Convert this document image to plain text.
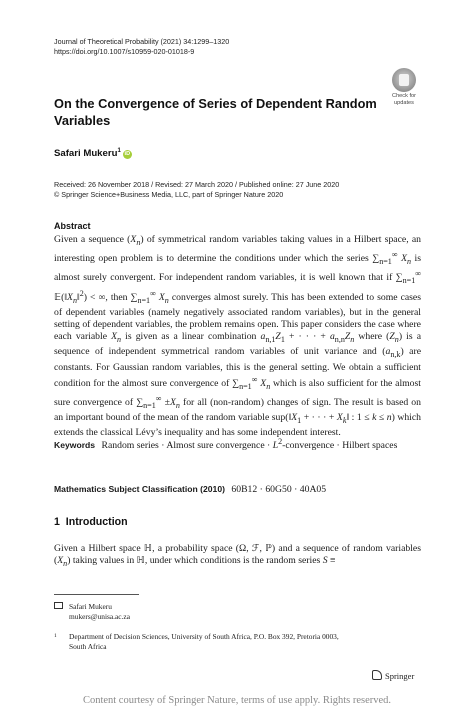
Journal of Theoretical Probability (2021) 34:1299–1320
https://doi.org/10.1007/s10959-020-01018-9
Check for
updates
On the Convergence of Series of Dependent Random Variables
Safari Mukeru$^1$iD
Received: 26 November 2018 / Revised: 27 March 2020 / Published online: 27 June 2020
© Springer Science+Business Media, LLC, part of Springer Nature 2020
Abstract
Given a sequence $(X_n)$ of symmetrical random variables taking values in a Hilbert space, an interesting open problem is to determine the conditions under which the series $\sum_{n=1}^\infty$ $X_n$ is almost surely convergent. For independent random variables, it is well known that if $\sum_{n=1}^\infty$ $𝔼(‖X_n‖^2)$ < ∞, then $\sum_{n=1}^\infty$ $X_n$ converges almost surely. This has been extended to some cases of dependent variables (namely negatively associated random variables), but in the general setting of dependent variables, the problem remains open. This paper considers the case where each variable $X_n$ is given as a linear combination $a_{n,1}Z_1$ + · · · + $a_{n,n}Z_n$ where $(Z_n)$ is a sequence of independent symmetrical random variables of unit variance and $(a_{n,k})$ are constants. For Gaussian random variables, this is the general setting. We obtain a sufficient condition for the almost sure convergence of $\sum_{n=1}^\infty$ $X_n$ which is also sufficient for the almost sure convergence of $\sum_{n=1}^\infty \pm X_n$ for all (non-random) changes of sign. The result is based on an important bound of the mean of the random variable $sup(‖X_1$ + · · · + $X_k‖$ : 1 ≤ k ≤ n) which extends the classical Lévy’s inequality and has some independent interest.
Keywords Random series · Almost sure convergence · $L^2$-convergence · Hilbert spaces
Mathematics Subject Classification (2010) 60B12 · 60G50 · 40A05
1 Introduction
Given a Hilbert space ℍ, a probability space (Ω, ℱ, ℙ) and a sequence of random variables $(X_n)$ taking values in ℍ, under which conditions is the random series S ≡
Safari Mukeru
mukers@unisa.ac.za
1 Department of Decision Sciences, University of South Africa, P.O. Box 392, Pretoria 0003,
South Africa
Springer
Content courtesy of Springer Nature, terms of use apply. Rights reserved.
